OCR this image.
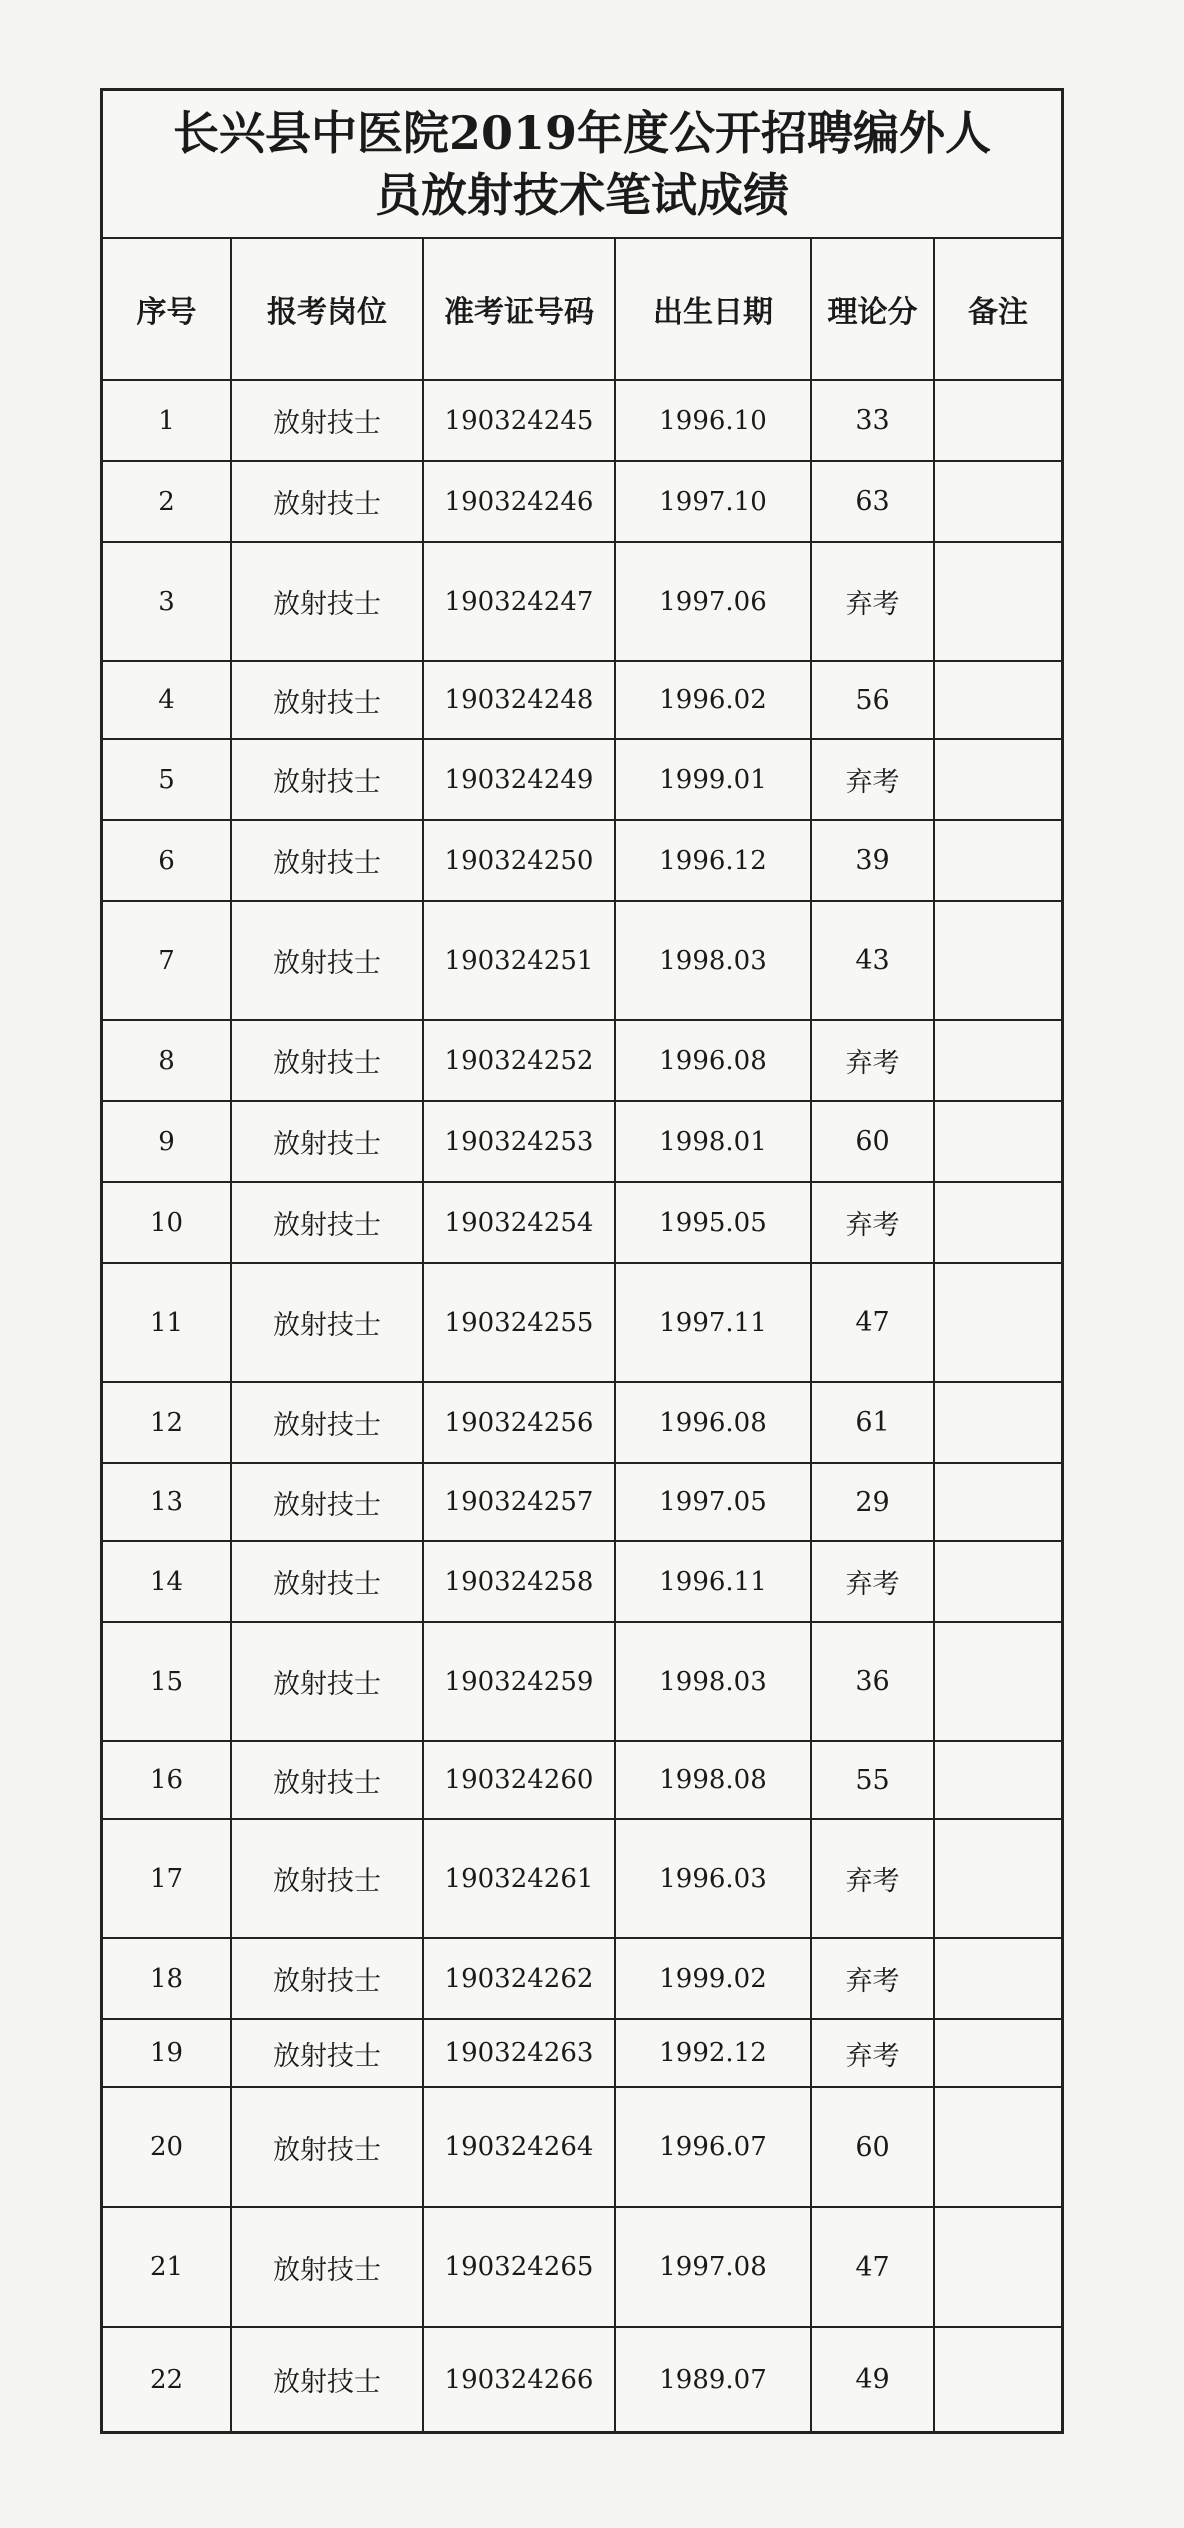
长兴县中医院2019年度公开招聘编外人
员放射技术笔试成绩
序号	报考岗位	准考证号码	出生日期	理论分	备注
1	放射技士	190324245	1996.10	33	
2	放射技士	190324246	1997.10	63	
3	放射技士	190324247	1997.06	弃考	
4	放射技士	190324248	1996.02	56	
5	放射技士	190324249	1999.01	弃考	
6	放射技士	190324250	1996.12	39	
7	放射技士	190324251	1998.03	43	
8	放射技士	190324252	1996.08	弃考	
9	放射技士	190324253	1998.01	60	
10	放射技士	190324254	1995.05	弃考	
11	放射技士	190324255	1997.11	47	
12	放射技士	190324256	1996.08	61	
13	放射技士	190324257	1997.05	29	
14	放射技士	190324258	1996.11	弃考	
15	放射技士	190324259	1998.03	36	
16	放射技士	190324260	1998.08	55	
17	放射技士	190324261	1996.03	弃考	
18	放射技士	190324262	1999.02	弃考	
19	放射技士	190324263	1992.12	弃考	
20	放射技士	190324264	1996.07	60	
21	放射技士	190324265	1997.08	47	
22	放射技士	190324266	1989.07	49	
